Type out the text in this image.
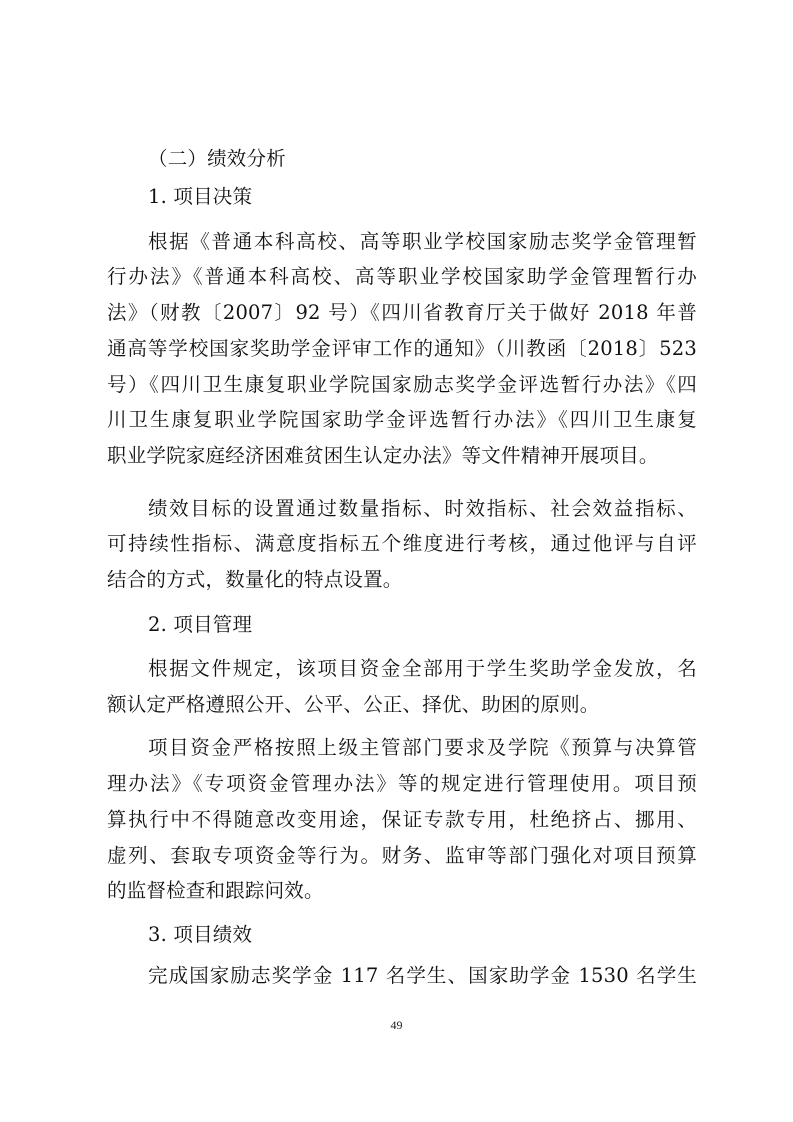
（二）绩效分析
1. 项目决策
根据《普通本科高校、高等职业学校国家励志奖学金管理暂
行办法》《普通本科高校、高等职业学校国家助学金管理暂行办
法》（财教〔2007〕92 号）《四川省教育厅关于做好 2018 年普
通高等学校国家奖助学金评审工作的通知》（川教函〔2018〕523
号）《四川卫生康复职业学院国家励志奖学金评选暂行办法》《四
川卫生康复职业学院国家助学金评选暂行办法》《四川卫生康复
职业学院家庭经济困难贫困生认定办法》等文件精神开展项目。
绩效目标的设置通过数量指标、时效指标、社会效益指标、
可持续性指标、满意度指标五个维度进行考核，通过他评与自评
结合的方式，数量化的特点设置。
2. 项目管理
根据文件规定，该项目资金全部用于学生奖助学金发放，名
额认定严格遵照公开、公平、公正、择优、助困的原则。
项目资金严格按照上级主管部门要求及学院《预算与决算管
理办法》《专项资金管理办法》等的规定进行管理使用。项目预
算执行中不得随意改变用途，保证专款专用，杜绝挤占、挪用、
虚列、套取专项资金等行为。财务、监审等部门强化对项目预算
的监督检查和跟踪问效。
3. 项目绩效
完成国家励志奖学金 117 名学生、国家助学金 1530 名学生
49
